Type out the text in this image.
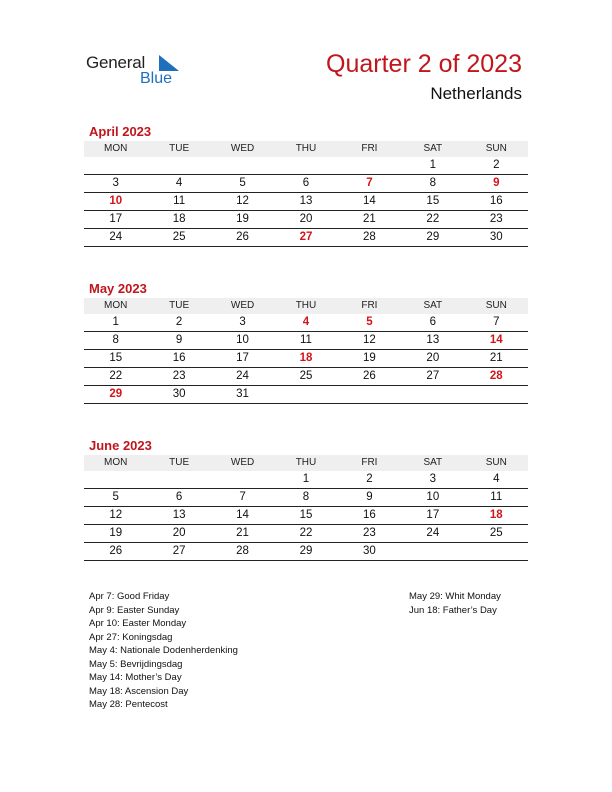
General
Blue
Quarter 2 of 2023
Netherlands
April 2023
MON	TUE	WED	THU	FRI	SAT	SUN
					1	2
3	4	5	6	7	8	9
10	11	12	13	14	15	16
17	18	19	20	21	22	23
24	25	26	27	28	29	30
May 2023
MON	TUE	WED	THU	FRI	SAT	SUN
1	2	3	4	5	6	7
8	9	10	11	12	13	14
15	16	17	18	19	20	21
22	23	24	25	26	27	28
29	30	31				
June 2023
MON	TUE	WED	THU	FRI	SAT	SUN
			1	2	3	4
5	6	7	8	9	10	11
12	13	14	15	16	17	18
19	20	21	22	23	24	25
26	27	28	29	30		
Apr 7: Good Friday
Apr 9: Easter Sunday
Apr 10: Easter Monday
Apr 27: Koningsdag
May 4: Nationale Dodenherdenking
May 5: Bevrijdingsdag
May 14: Mother’s Day
May 18: Ascension Day
May 28: Pentecost
May 29: Whit Monday
Jun 18: Father’s Day
